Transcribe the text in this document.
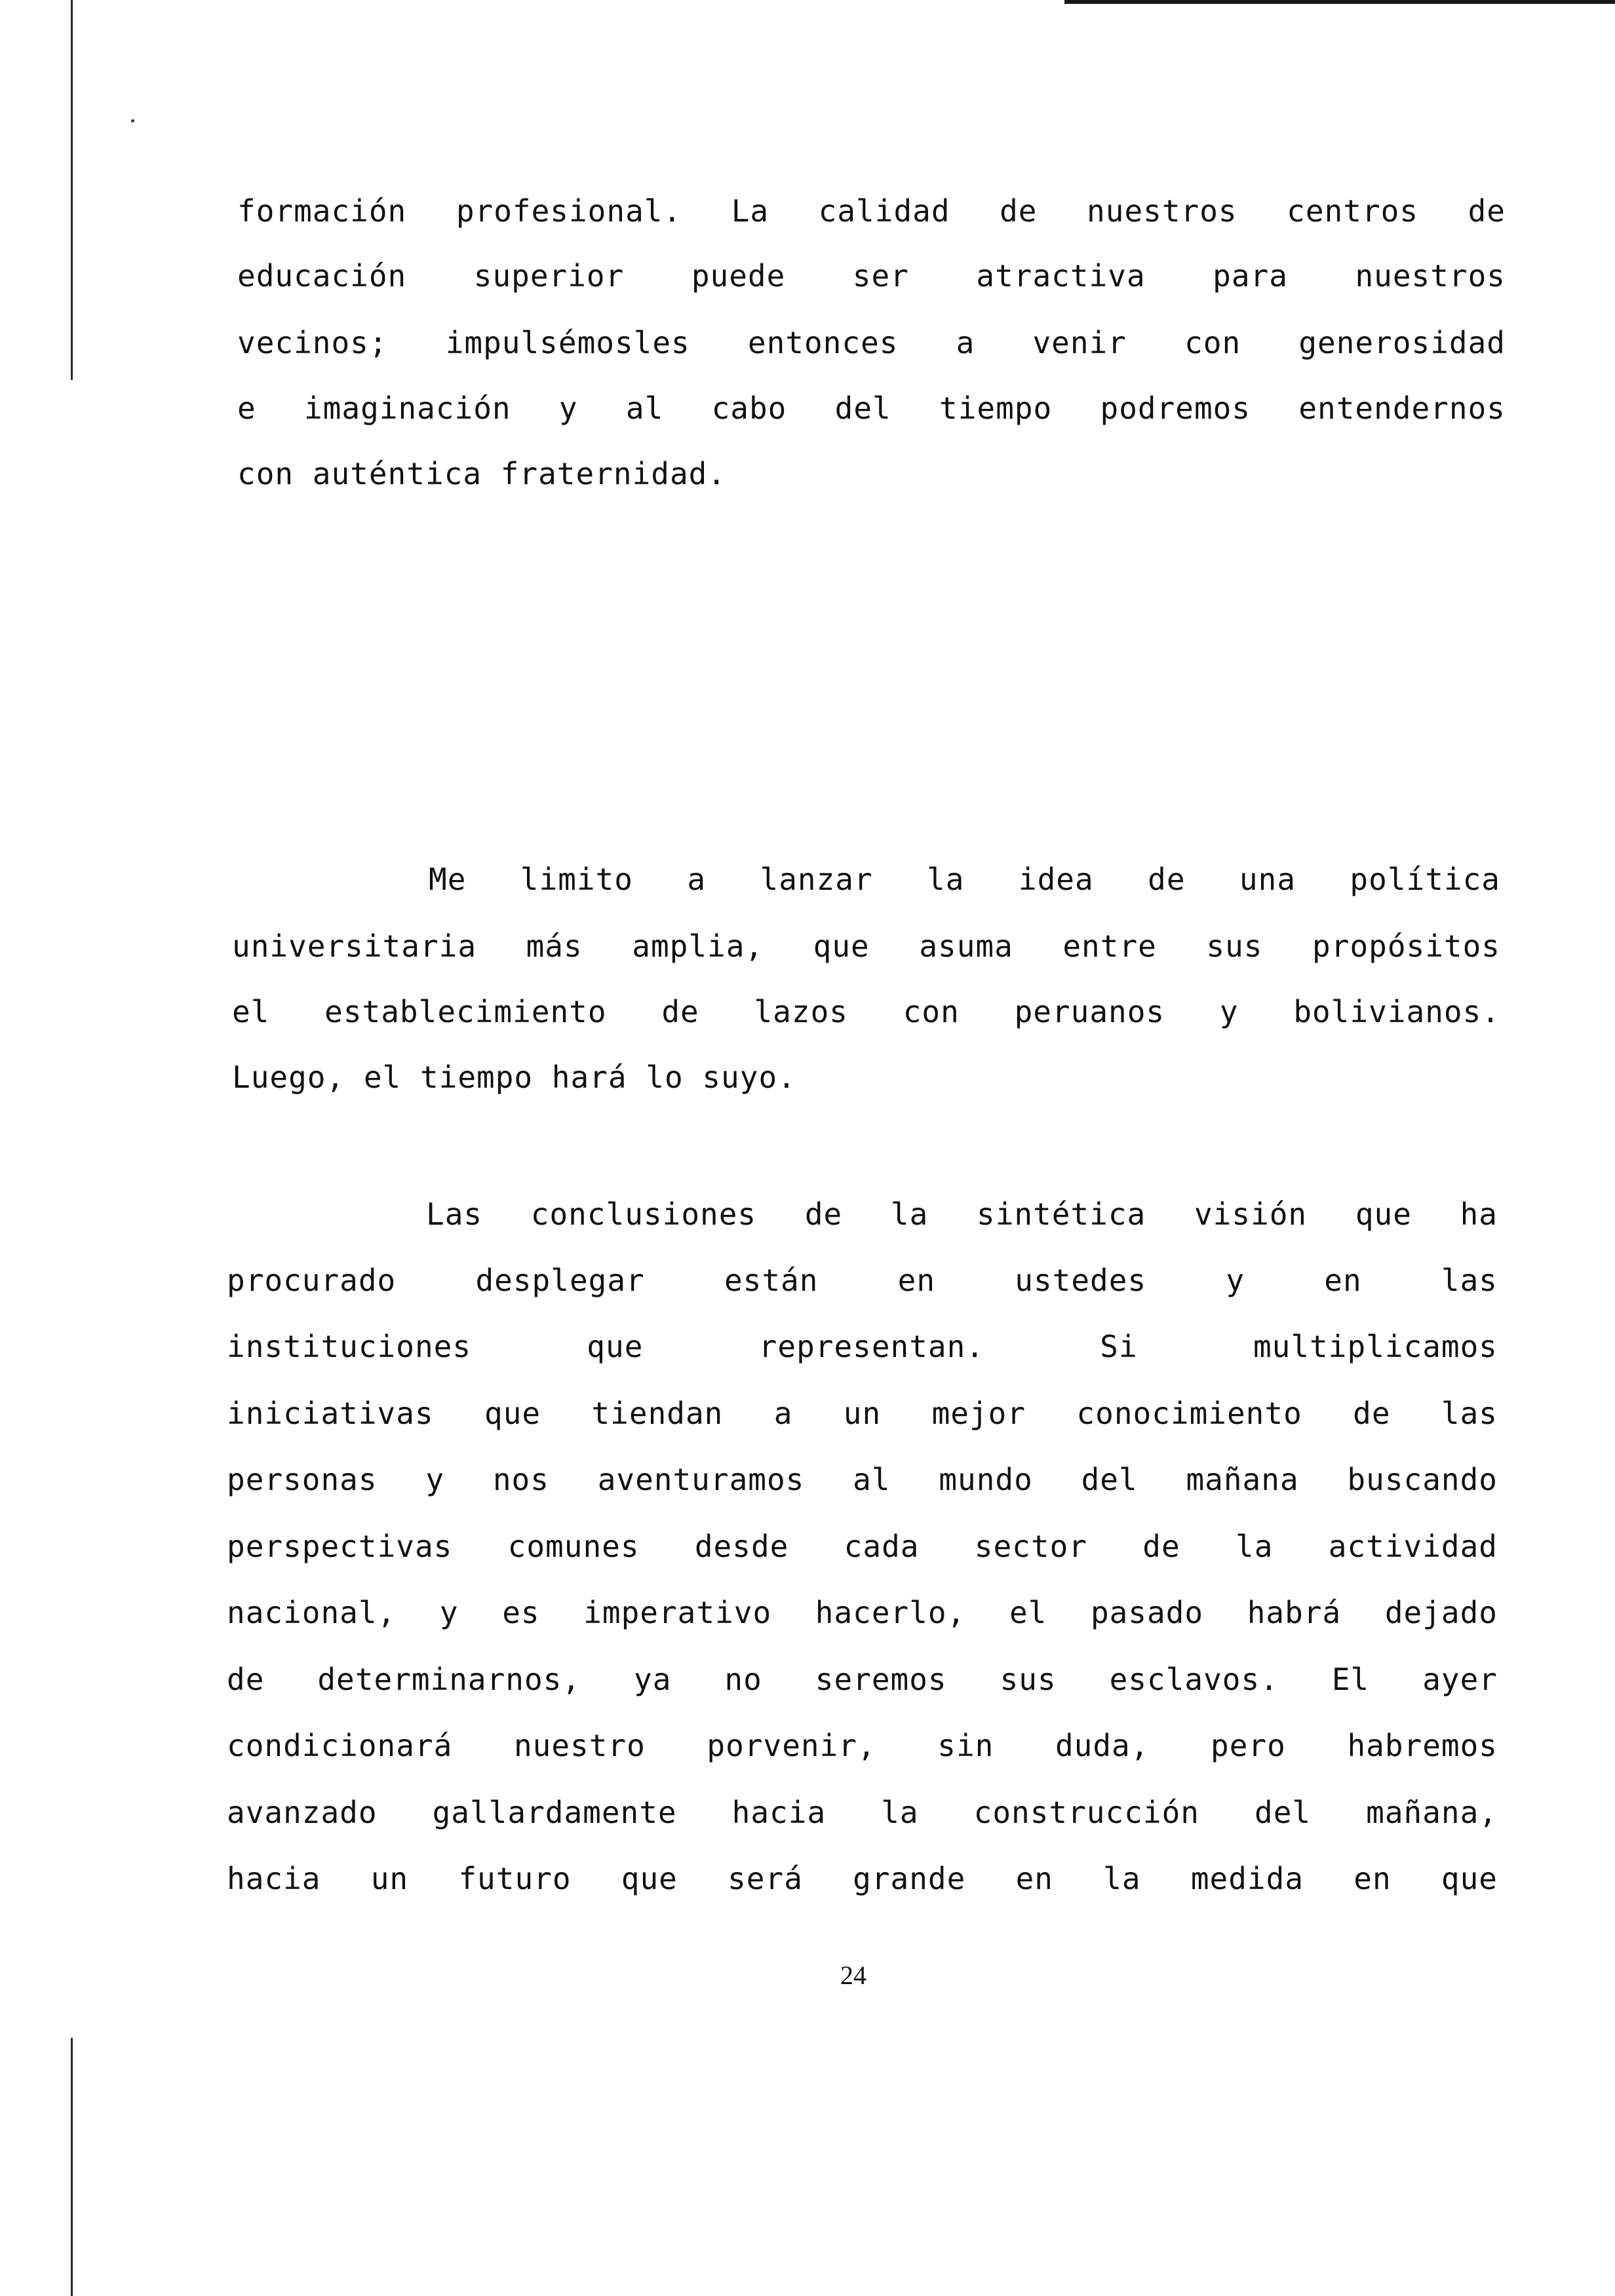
formación profesional. La calidad de nuestros centros de
educación superior puede ser atractiva para nuestros
vecinos; impulsémosles entonces a venir con generosidad
e imaginación y al cabo del tiempo podremos entendernos
con auténtica fraternidad.
Me limito a lanzar la idea de una política
universitaria más amplia, que asuma entre sus propósitos
el establecimiento de lazos con peruanos y bolivianos.
Luego, el tiempo hará lo suyo.
Las conclusiones de la sintética visión que ha
procurado desplegar están en ustedes y en las
instituciones que representan. Si multiplicamos
iniciativas que tiendan a un mejor conocimiento de las
personas y nos aventuramos al mundo del mañana buscando
perspectivas comunes desde cada sector de la actividad
nacional, y es imperativo hacerlo, el pasado habrá dejado
de determinarnos, ya no seremos sus esclavos. El ayer
condicionará nuestro porvenir, sin duda, pero habremos
avanzado gallardamente hacia la construcción del mañana,
hacia un futuro que será grande en la medida en que
24
